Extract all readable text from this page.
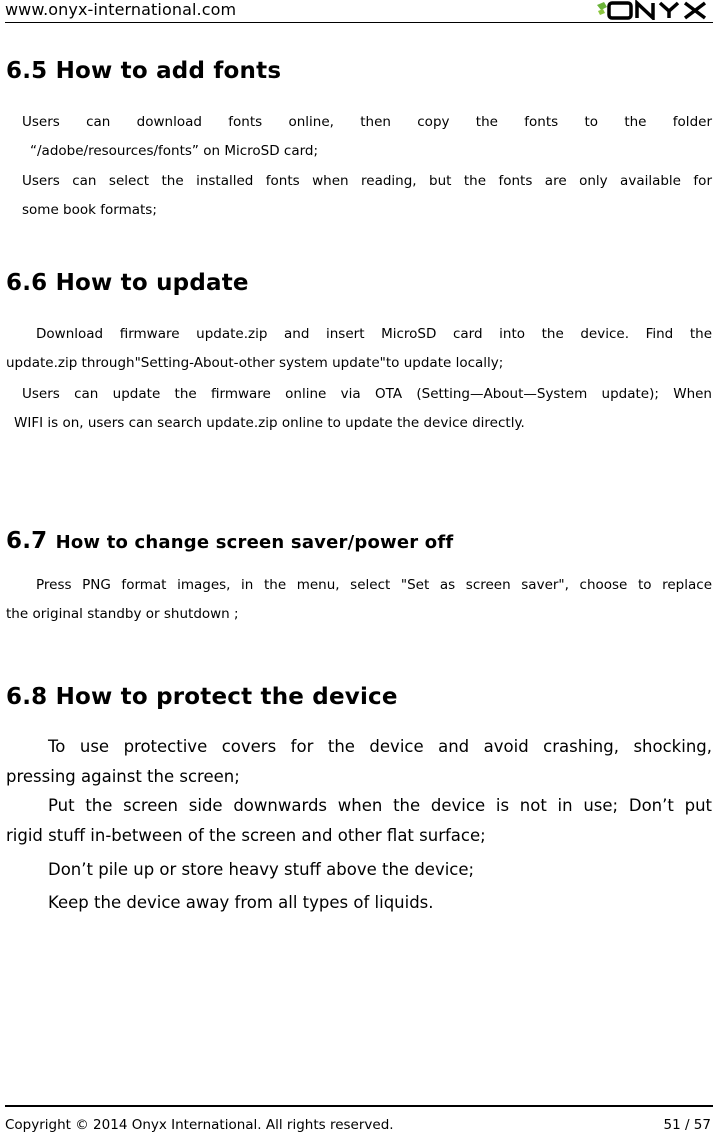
www.onyx-international.com
6.5 How to add fonts
Users can download fonts online, then copy the fonts to the folder
“/adobe/resources/fonts” on MicroSD card;
Users can select the installed fonts when reading, but the fonts are only available for
some book formats;
6.6 How to update
Download firmware update.zip and insert MicroSD card into the device. Find the
update.zip through"Setting-About-other system update"to update locally;
Users can update the firmware online via OTA (Setting—About—System update); When
WIFI is on, users can search update.zip online to update the device directly.
6.7 How to change screen saver/power off
Press PNG format images, in the menu, select "Set as screen saver", choose to replace
the original standby or shutdown ;
6.8 How to protect the device
To use protective covers for the device and avoid crashing, shocking,
pressing against the screen;
Put the screen side downwards when the device is not in use; Don’t put
rigid stuff in-between of the screen and other flat surface;
Don’t pile up or store heavy stuff above the device;
Keep the device away from all types of liquids.
Copyright © 2014 Onyx International. All rights reserved.	51 / 57
